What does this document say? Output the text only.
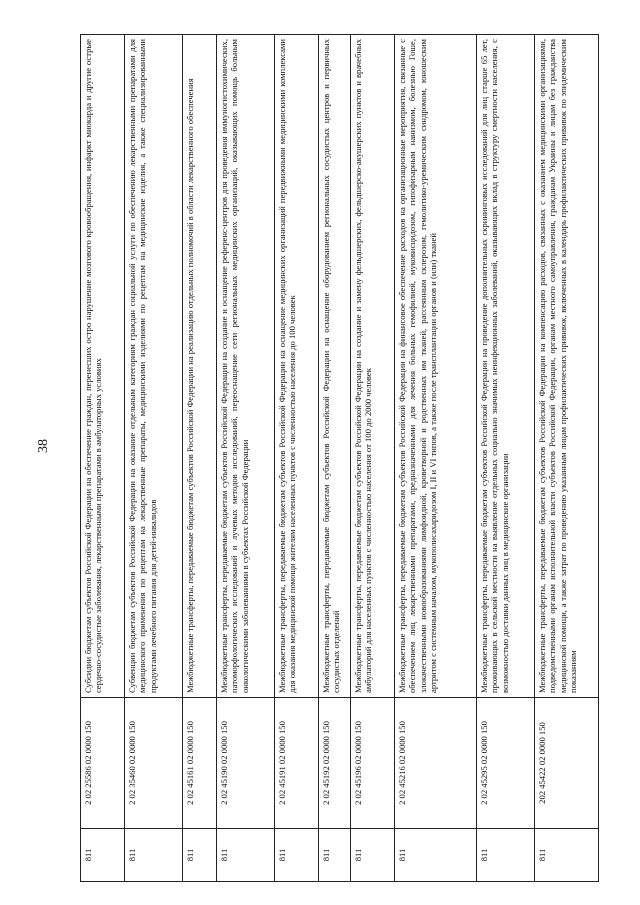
38
811	2 02 25586 02 0000 150	Субсидии бюджетам субъектов Российской Федерации на обеспечение граждан, перенесших остро нарушение мозгового кровообращения, инфаркт миокарда и другие острые сердечно-сосудистые заболевания, лекарственными препаратами в амбулаторных условиях
811	2 02 35460 02 0000 150	Субвенции бюджетам субъектов Российской Федерации на оказание отдельным категориям граждан социальной услуги по обеспечению лекарственными препаратами для медицинского применения по рецептам на лекарственные препараты, медицинскими изделиями по рецептам на медицинские изделия, а также специализированными продуктами лечебного питания для детей-инвалидов
811	2 02 45161 02 0000 150	Межбюджетные трансферты, передаваемые бюджетам субъектов Российской Федерации на реализацию отдельных полномочий в области лекарственного обеспечения
811	2 02 45190 02 0000 150	Межбюджетные трансферты, передаваемые бюджетам субъектов Российской Федерации на создание и оснащение референс-центров для проведения иммуногистохимических, патоморфологических исследований и лучевых методов исследований, переоснащение сети региональных медицинских организаций, оказывающих помощь больным онкологическими заболеваниями в субъектах Российской Федерации
811	2 02 45191 02 0000 150	Межбюджетные трансферты, передаваемые бюджетам субъектов Российской Федерации на оснащение медицинских организаций передвижными медицинскими комплексами для оказания медицинской помощи жителям населенных пунктов с численностью населения до 100 человек
811	2 02 45192 02 0000 150	Межбюджетные трансферты, передаваемые бюджетам субъектов Российской Федерации на оснащение оборудованием региональных сосудистых центров и первичных сосудистых отделений
811	2 02 45196 02 0000 150	Межбюджетные трансферты, передаваемые бюджетам субъектов Российской Федерации на создание и замену фельдшерских, фельдшерско-акушерских пунктов и врачебных амбулаторий для населенных пунктов с численностью населения от 100 до 2000 человек
811	2 02 45216 02 0000 150	Межбюджетные трансферты, передаваемые бюджетам субъектов Российской Федерации на финансовое обеспечение расходов на организационные мероприятия, связанные с обеспечением лиц лекарственными препаратами, предназначенными для лечения больных гемофилией, муковисцидозом, гипофизарным нанизмом, болезнью Гоше, злокачественными новообразованиями лимфоидной, кроветворной и родственных им тканей, рассеянным склерозом, гемолитико-уремическим синдромом, юношеским артритом с системным началом, мукополисахаридозом I, II и VI типов, а также после трансплантации органов и (или) тканей
811	2 02 45295 02 0000 150	Межбюджетные трансферты, передаваемые бюджетам субъектов Российской Федерации на проведение дополнительных скрининговых исследований для лиц старше 65 лет, проживающих в сельской местности на выявление отдельных социально значимых неинфекционных заболеваний, оказывающих вклад в структуру смертности населения, с возможностью доставки данных лиц в медицинские организации
811	202 45422 02 0000 150	Межбюджетные трансферты, передаваемые бюджетам субъектов Российской Федерации на компенсацию расходов, связанных с оказанием медицинскими организациями, подведомственными органам исполнительной власти субъектов Российской Федерации, органам местного самоуправления, гражданам Украины и лицам без гражданства медицинской помощи, а также затрат по проведению указанным лицам профилактических прививок, включенных в календарь профилактических прививок по эпидемическим показаниям
